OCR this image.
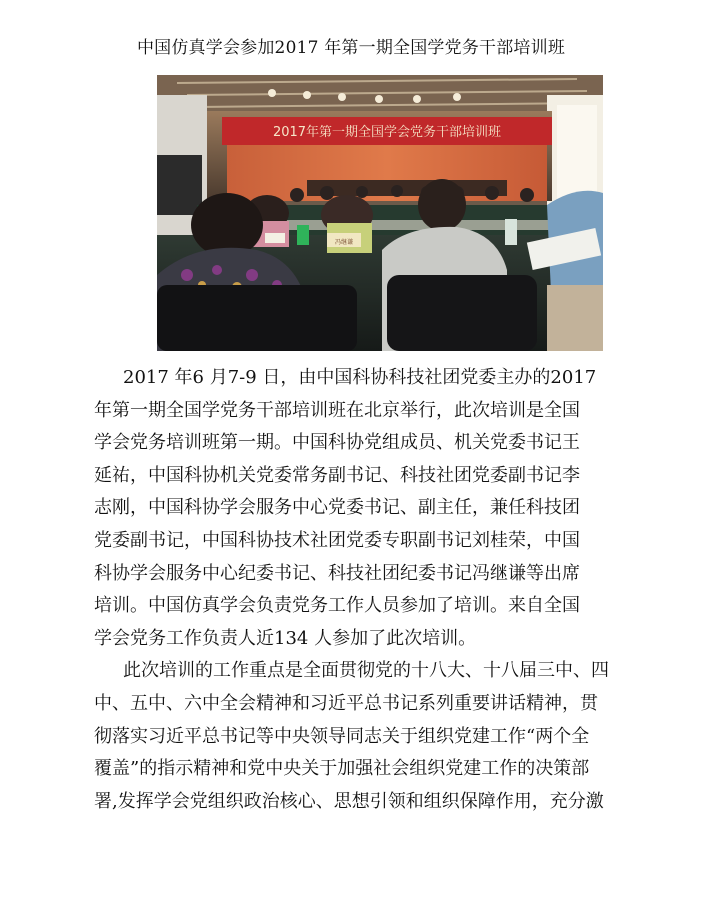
中国仿真学会参加2017 年第一期全国学党务干部培训班
2017年第一期全国学会党务干部培训班
冯继谦

2017 年6 月7-9 日，由中国科协科技社团党委主办的2017
年第一期全国学党务干部培训班在北京举行，此次培训是全国
学会党务培训班第一期。中国科协党组成员、机关党委书记王
延祐，中国科协机关党委常务副书记、科技社团党委副书记李
志刚，中国科协学会服务中心党委书记、副主任，兼任科技团
党委副书记，中国科协技术社团党委专职副书记刘桂荣，中国
科协学会服务中心纪委书记、科技社团纪委书记冯继谦等出席
培训。中国仿真学会负责党务工作人员参加了培训。来自全国
学会党务工作负责人近134 人参加了此次培训。

此次培训的工作重点是全面贯彻党的十八大、十八届三中、四
中、五中、六中全会精神和习近平总书记系列重要讲话精神，贯
彻落实习近平总书记等中央领导同志关于组织党建工作“两个全
覆盖”的指示精神和党中央关于加强社会组织党建工作的决策部
署,发挥学会党组织政治核心、思想引领和组织保障作用，充分激
